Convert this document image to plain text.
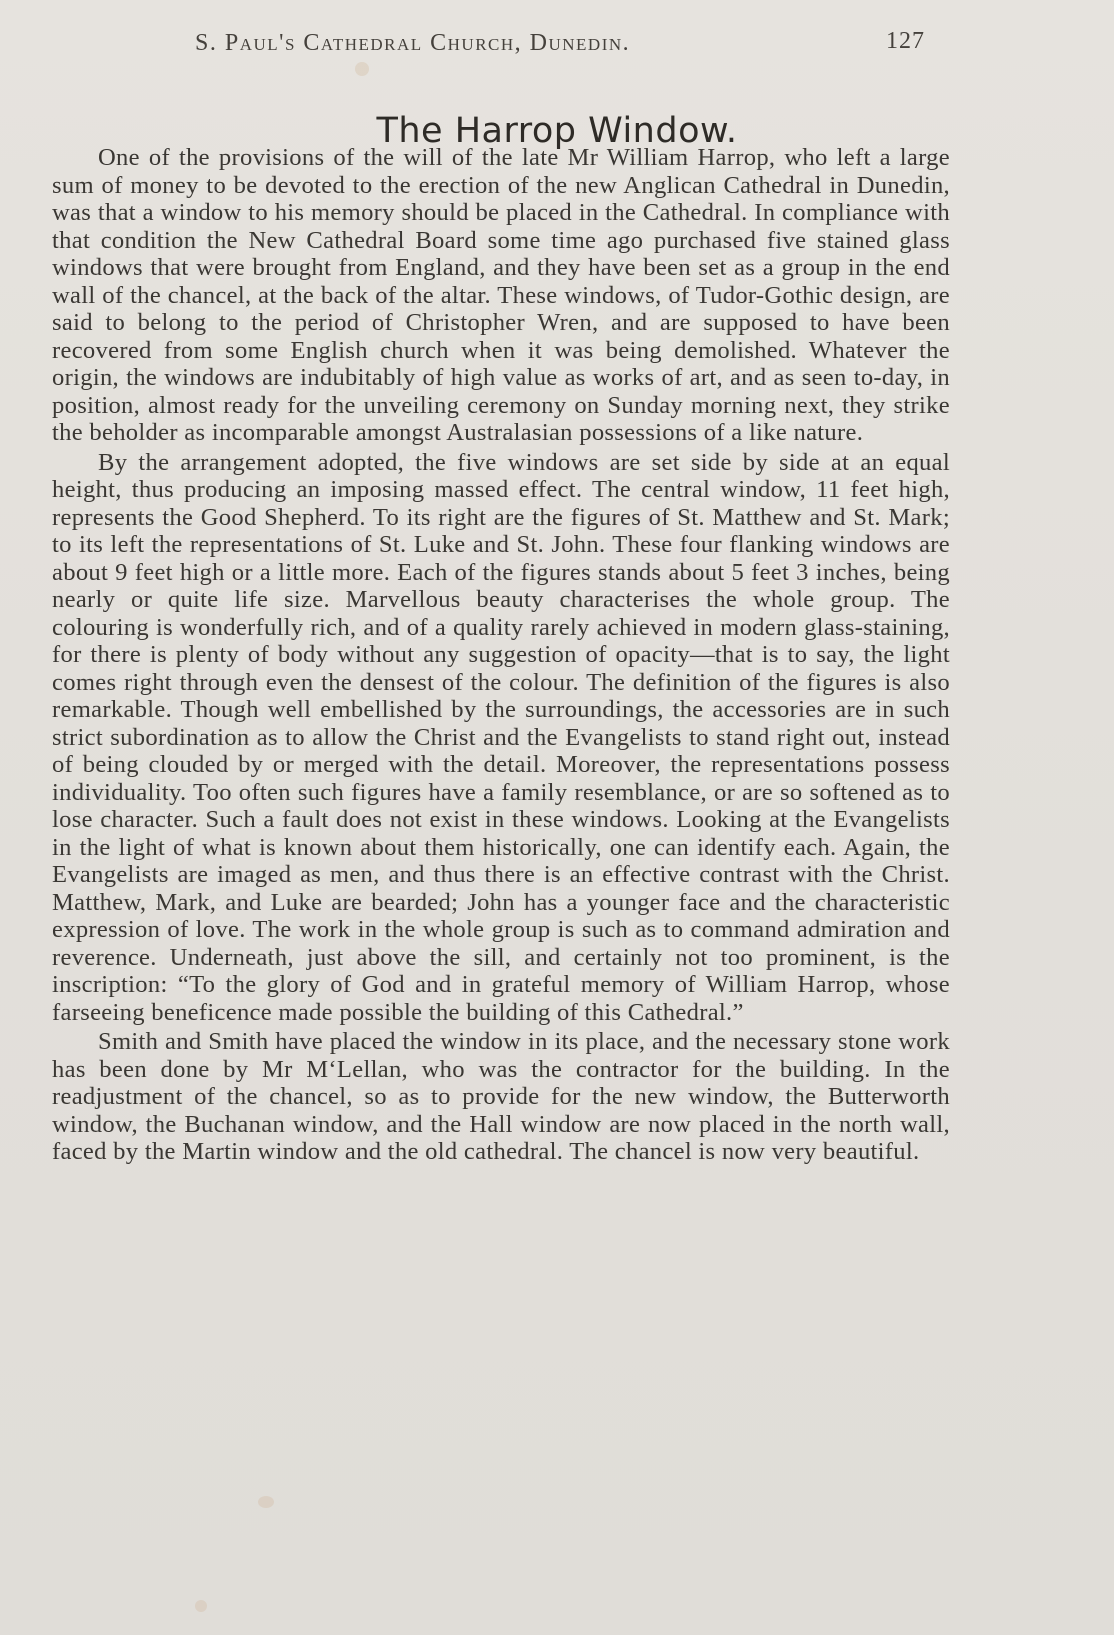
S. Paul's Cathedral Church, Dunedin.	127
The Harrop Window.

One of the provisions of the will of the late Mr William Harrop, who left a large sum of money to be devoted to the erection of the new Anglican Cathedral in Dunedin, was that a window to his memory should be placed in the Cathedral. In compliance with that condition the New Cathedral Board some time ago purchased five stained glass windows that were brought from England, and they have been set as a group in the end wall of the chancel, at the back of the altar. These windows, of Tudor-Gothic design, are said to belong to the period of Christopher Wren, and are supposed to have been recovered from some English church when it was being demolished. Whatever the origin, the windows are indubitably of high value as works of art, and as seen to-day, in position, almost ready for the unveiling ceremony on Sunday morning next, they strike the beholder as incomparable amongst Australasian possessions of a like nature.

By the arrangement adopted, the five windows are set side by side at an equal height, thus producing an imposing massed effect. The central window, 11 feet high, represents the Good Shepherd. To its right are the figures of St. Matthew and St. Mark; to its left the representations of St. Luke and St. John. These four flanking windows are about 9 feet high or a little more. Each of the figures stands about 5 feet 3 inches, being nearly or quite life size. Marvellous beauty characterises the whole group. The colouring is wonderfully rich, and of a quality rarely achieved in modern glass-staining, for there is plenty of body without any suggestion of opacity—that is to say, the light comes right through even the densest of the colour. The definition of the figures is also remarkable. Though well embellished by the surroundings, the accessories are in such strict subordination as to allow the Christ and the Evangelists to stand right out, instead of being clouded by or merged with the detail. Moreover, the representations possess individuality. Too often such figures have a family resemblance, or are so softened as to lose character. Such a fault does not exist in these windows. Looking at the Evangelists in the light of what is known about them historically, one can identify each. Again, the Evangelists are imaged as men, and thus there is an effective contrast with the Christ. Matthew, Mark, and Luke are bearded; John has a younger face and the characteristic expression of love. The work in the whole group is such as to command admiration and reverence. Underneath, just above the sill, and certainly not too prominent, is the inscription: “To the glory of God and in grateful memory of William Harrop, whose farseeing beneficence made possible the building of this Cathedral.”

Smith and Smith have placed the window in its place, and the necessary stone work has been done by Mr M‘Lellan, who was the contractor for the building. In the readjustment of the chancel, so as to provide for the new window, the Butterworth window, the Buchanan window, and the Hall window are now placed in the north wall, faced by the Martin window and the old cathedral. The chancel is now very beautiful.
